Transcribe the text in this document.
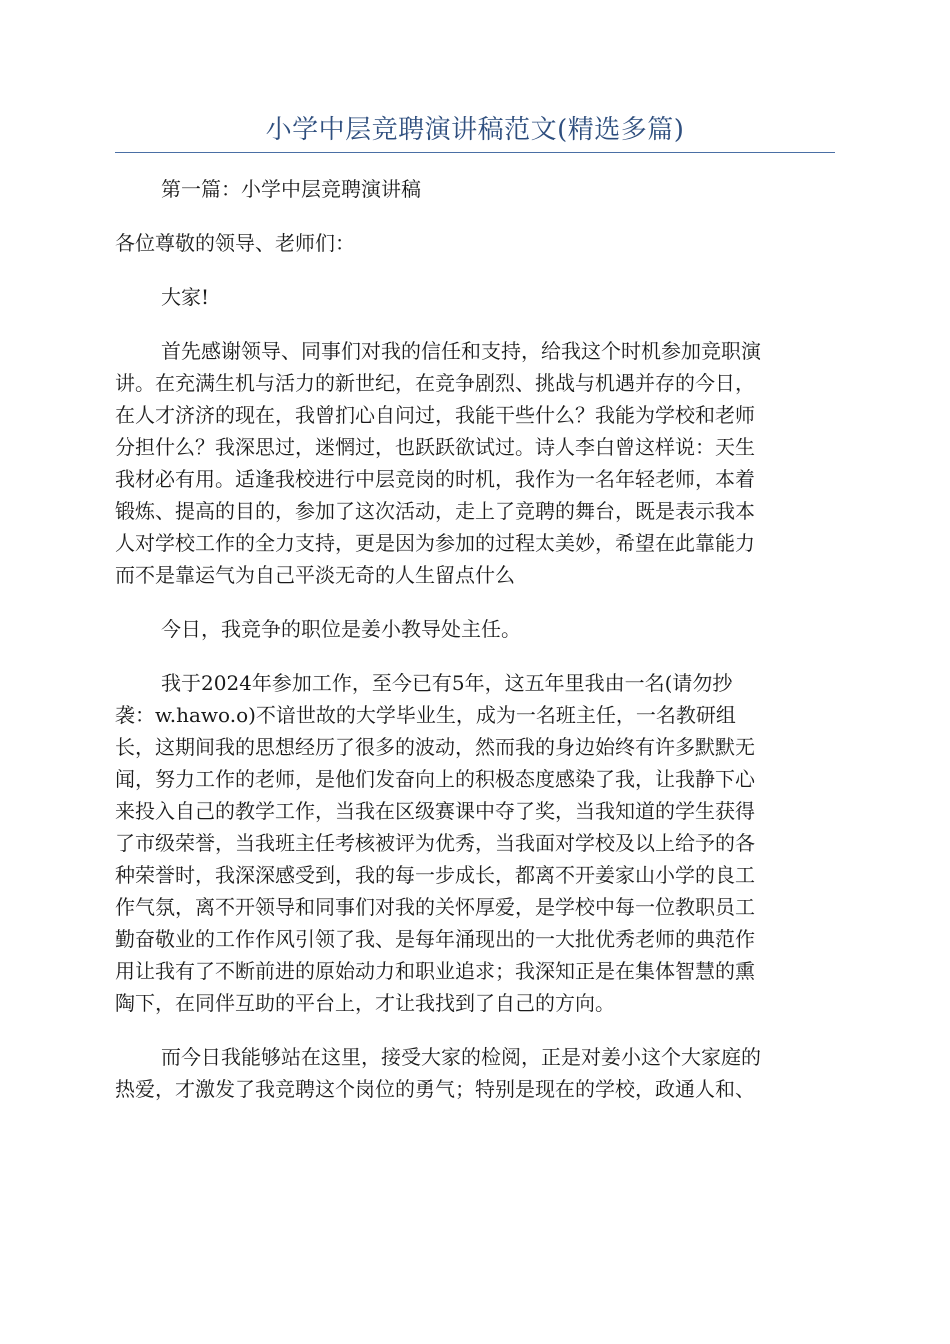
小学中层竞聘演讲稿范文(精选多篇)

第一篇：小学中层竞聘演讲稿

各位尊敬的领导、老师们：

大家!

首先感谢领导、同事们对我的信任和支持，给我这个时机参加竞职演
讲。在充满生机与活力的新世纪，在竞争剧烈、挑战与机遇并存的今日，
在人才济济的现在，我曾扪心自问过，我能干些什么？我能为学校和老师
分担什么？我深思过，迷惘过，也跃跃欲试过。诗人李白曾这样说：天生
我材必有用。适逢我校进行中层竞岗的时机，我作为一名年轻老师，本着
锻炼、提高的目的，参加了这次活动，走上了竞聘的舞台，既是表示我本
人对学校工作的全力支持，更是因为参加的过程太美妙，希望在此靠能力
而不是靠运气为自己平淡无奇的人生留点什么

今日，我竞争的职位是姜小教导处主任。

我于2024年参加工作，至今已有5年，这五年里我由一名(请勿抄
袭：w.hawo.o)不谙世故的大学毕业生，成为一名班主任，一名教研组
长，这期间我的思想经历了很多的波动，然而我的身边始终有许多默默无
闻，努力工作的老师，是他们发奋向上的积极态度感染了我，让我静下心
来投入自己的教学工作，当我在区级赛课中夺了奖，当我知道的学生获得
了市级荣誉，当我班主任考核被评为优秀，当我面对学校及以上给予的各
种荣誉时，我深深感受到，我的每一步成长，都离不开姜家山小学的良工
作气氛，离不开领导和同事们对我的关怀厚爱，是学校中每一位教职员工
勤奋敬业的工作作风引领了我、是每年涌现出的一大批优秀老师的典范作
用让我有了不断前进的原始动力和职业追求；我深知正是在集体智慧的熏
陶下，在同伴互助的平台上，才让我找到了自己的方向。

而今日我能够站在这里，接受大家的检阅，正是对姜小这个大家庭的
热爱，才激发了我竞聘这个岗位的勇气；特别是现在的学校，政通人和、
